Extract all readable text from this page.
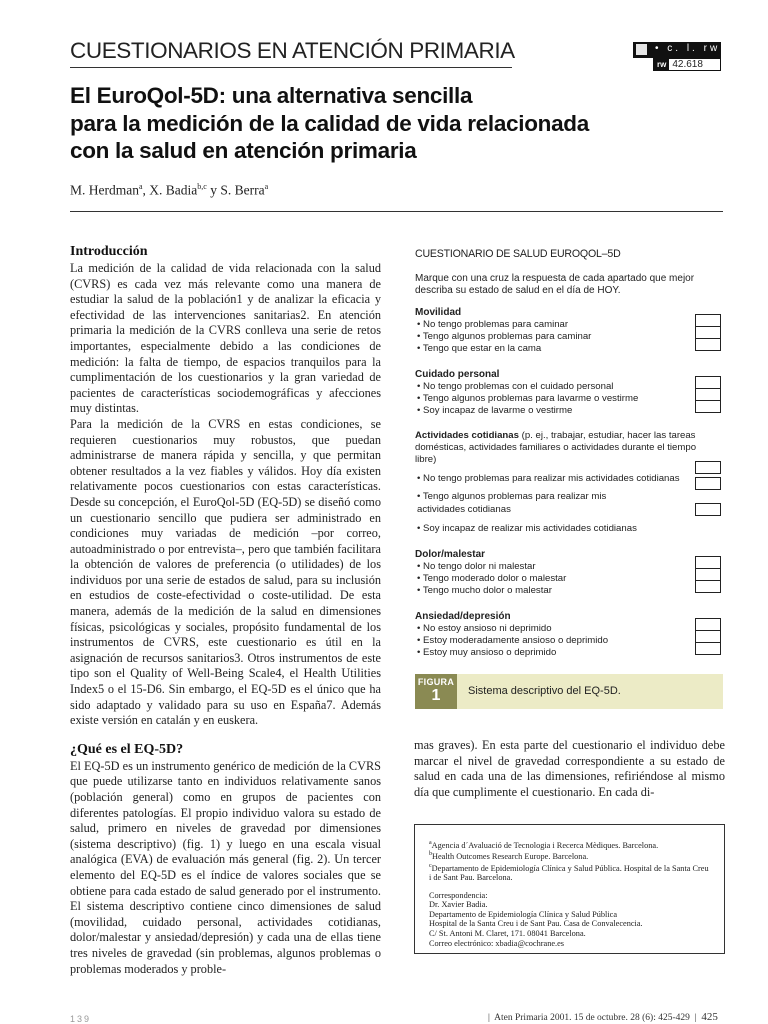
CUESTIONARIOS EN ATENCIÓN PRIMARIA	• c. l. rw
rw 42.618
El EuroQol-5D: una alternativa sencilla
para la medición de la calidad de vida relacionada
con la salud en atención primaria
M. Herdman$^a$, X. Badia$^{b,c}$ y S. Berra$^a$
Introducción

La medición de la calidad de vida relacionada con la salud (CVRS) es cada vez más relevante como una manera de estudiar la salud de la población1 y de analizar la eficacia y efectividad de las intervenciones sanitarias2. En atención primaria la medición de la CVRS conlleva una serie de retos importantes, especialmente debido a las condiciones de medición: la falta de tiempo, de espacios tranquilos para la cumplimentación de los cuestionarios y la gran variedad de pacientes de características sociodemográficas y afecciones muy distintas.

Para la medición de la CVRS en estas condiciones, se requieren cuestionarios muy robustos, que puedan administrarse de manera rápida y sencilla, y que permitan obtener resultados a la vez fiables y válidos. Hoy día existen relativamente pocos cuestionarios con estas características. Desde su concepción, el EuroQol-5D (EQ-5D) se diseñó como un cuestionario sencillo que pudiera ser administrado en condiciones muy variadas de medición –por correo, autoadministrado o por entrevista–, pero que también facilitara la obtención de valores de preferencia (o utilidades) de los individuos por una serie de estados de salud, para su inclusión en estudios de coste-efectividad o coste-utilidad. De esta manera, además de la medición de la salud en dimensiones físicas, psicológicas y sociales, propósito fundamental de los instrumentos de CVRS, este cuestionario es útil en la asignación de recursos sanitarios3. Otros instrumentos de este tipo son el Quality of Well-Being Scale4, el Health Utilities Index5 o el 15-D6. Sin embargo, el EQ-5D es el único que ha sido adaptado y validado para su uso en España7. Además existe versión en catalán y en euskera.

¿Qué es el EQ-5D?

El EQ-5D es un instrumento genérico de medición de la CVRS que puede utilizarse tanto en individuos relativamente sanos (población general) como en grupos de pacientes con diferentes patologías. El propio individuo valora su estado de salud, primero en niveles de gravedad por dimensiones (sistema descriptivo) (fig. 1) y luego en una escala visual analógica (EVA) de evaluación más general (fig. 2). Un tercer elemento del EQ-5D es el índice de valores sociales que se obtiene para cada estado de salud generado por el instrumento. El sistema descriptivo contiene cinco dimensiones de salud (movilidad, cuidado personal, actividades cotidianas, dolor/malestar y ansiedad/depresión) y cada una de ellas tiene tres niveles de gravedad (sin problemas, algunos problemas o problemas moderados y proble-

CUESTIONARIO DE SALUD EUROQOL–5D
Marque con una cruz la respuesta de cada apartado que mejor describa su estado de salud en el día de HOY.
Movilidad
• No tengo problemas para caminar
• Tengo algunos problemas para caminar
• Tengo que estar en la cama
Cuidado personal
• No tengo problemas con el cuidado personal
• Tengo algunos problemas para lavarme o vestirme
• Soy incapaz de lavarme o vestirme
Actividades cotidianas (p. ej., trabajar, estudiar, hacer las tareas domésticas, actividades familiares o actividades durante el tiempo libre)
• No tengo problemas para realizar mis actividades cotidianas
• Tengo algunos problemas para realizar mis actividades cotidianas
• Soy incapaz de realizar mis actividades cotidianas
Dolor/malestar
• No tengo dolor ni malestar
• Tengo moderado dolor o malestar
• Tengo mucho dolor o malestar
Ansiedad/depresión
• No estoy ansioso ni deprimido
• Estoy moderadamente ansioso o deprimido
• Estoy muy ansioso o deprimido
FIGURA
1	Sistema descriptivo del EQ-5D.

mas graves). En esta parte del cuestionario el individuo debe marcar el nivel de gravedad correspondiente a su estado de salud en cada una de las dimensiones, refiriéndose al mismo día que cumplimente el cuestionario. En cada di-

$^a$Agencia d´Avaluació de Tecnologia i Recerca Mèdiques. Barcelona.
$^b$Health Outcomes Research Europe. Barcelona.
$^c$Departamento de Epidemiología Clínica y Salud Pública. Hospital de la Santa Creu i de Sant Pau. Barcelona.
Correspondencia:
Dr. Xavier Badia.
Departamento de Epidemiología Clínica y Salud Pública
Hospital de la Santa Creu i de Sant Pau. Casa de Convalecencia.
C/ St. Antoni M. Claret, 171. 08041 Barcelona.
Correo electrónico: xbadia@cochrane.es
139	|  Aten Primaria 2001. 15 de octubre. 28 (6): 425-429  |  425
